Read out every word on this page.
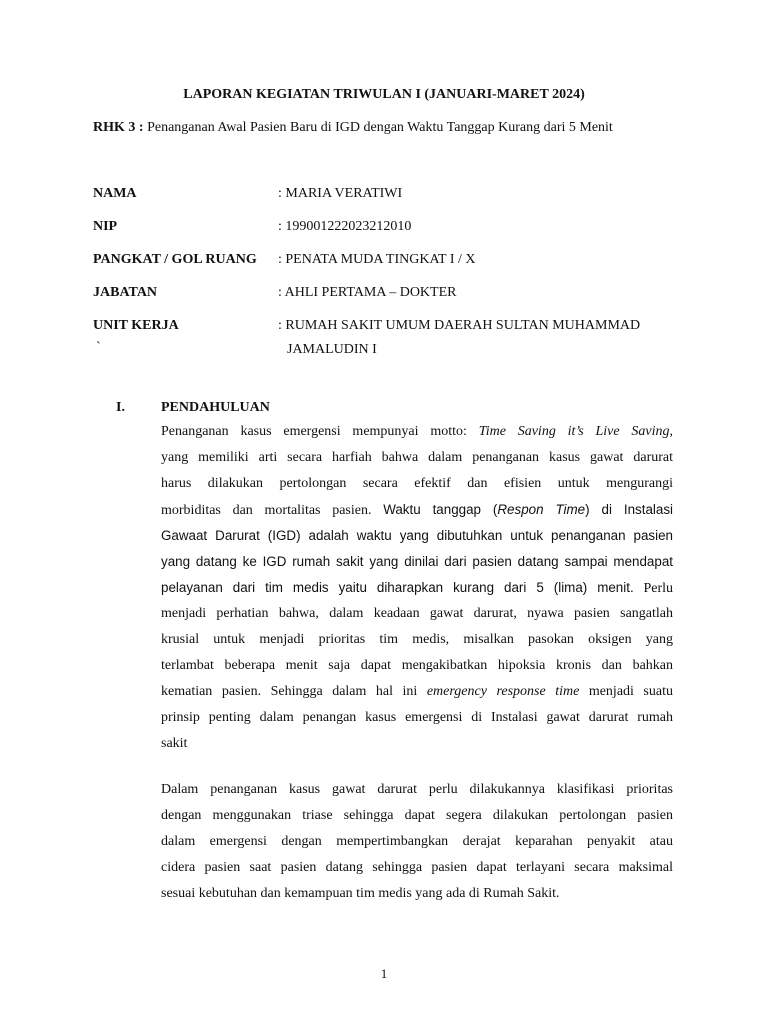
LAPORAN KEGIATAN TRIWULAN I (JANUARI-MARET 2024)
RHK 3 : Penanganan Awal Pasien Baru di IGD dengan Waktu Tanggap Kurang dari 5 Menit
NAMA	: MARIA VERATIWI
NIP	: 199001222023212010
PANGKAT / GOL RUANG : PENATA MUDA TINGKAT I / X
JABATAN	: AHLI PERTAMA – DOKTER
UNIT KERJA	: RUMAH SAKIT UMUM DAERAH SULTAN MUHAMMAD
JAMALUDIN I
`
I.	PENDAHULUAN
Penanganan kasus emergensi mempunyai motto: Time Saving it’s Live Saving,
yang memiliki arti secara harfiah bahwa dalam penanganan kasus gawat darurat
harus dilakukan pertolongan secara efektif dan efisien untuk mengurangi
morbiditas dan mortalitas pasien. Waktu tanggap (Respon Time) di Instalasi
Gawaat Darurat (IGD) adalah waktu yang dibutuhkan untuk penanganan pasien
yang datang ke IGD rumah sakit yang dinilai dari pasien datang sampai mendapat
pelayanan dari tim medis yaitu diharapkan kurang dari 5 (lima) menit. Perlu
menjadi perhatian bahwa, dalam keadaan gawat darurat, nyawa pasien sangatlah
krusial untuk menjadi prioritas tim medis, misalkan pasokan oksigen yang
terlambat beberapa menit saja dapat mengakibatkan hipoksia kronis dan bahkan
kematian pasien. Sehingga dalam hal ini emergency response time menjadi suatu
prinsip penting dalam penangan kasus emergensi di Instalasi gawat darurat rumah
sakit
Dalam penanganan kasus gawat darurat perlu dilakukannya klasifikasi prioritas
dengan menggunakan triase sehingga dapat segera dilakukan pertolongan pasien
dalam emergensi dengan mempertimbangkan derajat keparahan penyakit atau
cidera pasien saat pasien datang sehingga pasien dapat terlayani secara maksimal
sesuai kebutuhan dan kemampuan tim medis yang ada di Rumah Sakit.
1
